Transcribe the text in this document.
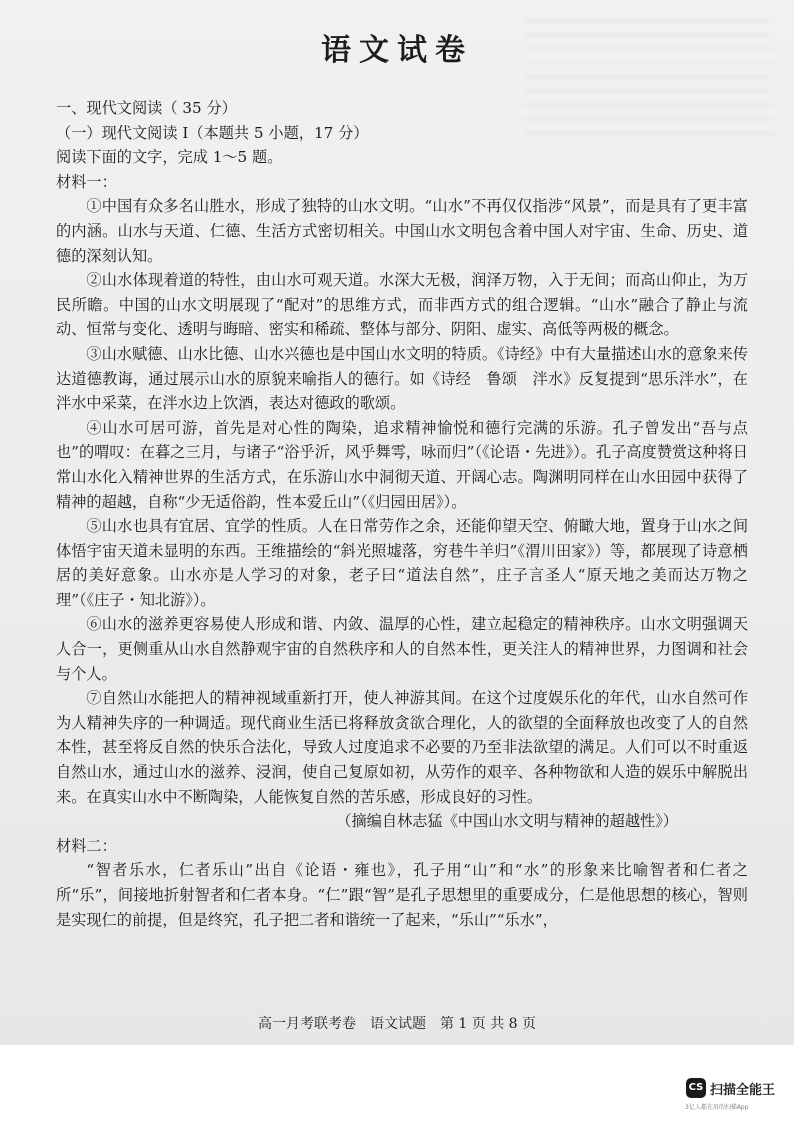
语文试卷

一、现代文阅读（ 35 分）

（一）现代文阅读 I（本题共 5 小题，17 分）

阅读下面的文字，完成 1～5 题。

材料一：

①中国有众多名山胜水，形成了独特的山水文明。“山水”不再仅仅指涉“风景”，而是具有了更丰富的内涵。山水与天道、仁德、生活方式密切相关。中国山水文明包含着中国人对宇宙、生命、历史、道德的深刻认知。

②山水体现着道的特性，由山水可观天道。水深大无极，润泽万物，入于无间；而高山仰止，为万民所瞻。中国的山水文明展现了“配对”的思维方式，而非西方式的组合逻辑。“山水”融合了静止与流动、恒常与变化、透明与晦暗、密实和稀疏、整体与部分、阴阳、虚实、高低等两极的概念。

③山水赋德、山水比德、山水兴德也是中国山水文明的特质。《诗经》中有大量描述山水的意象来传达道德教诲，通过展示山水的原貌来喻指人的德行。如《诗经　鲁颂　泮水》反复提到“思乐泮水”，在泮水中采菜，在泮水边上饮酒，表达对德政的歌颂。

④山水可居可游，首先是对心性的陶染，追求精神愉悦和德行完满的乐游。孔子曾发出“吾与点也”的喟叹：在暮之三月，与诸子“浴乎沂，风乎舞雩，咏而归”（《论语・先进》）。孔子高度赞赏这种将日常山水化入精神世界的生活方式，在乐游山水中洞彻天道、开阔心志。陶渊明同样在山水田园中获得了精神的超越，自称“少无适俗韵，性本爱丘山”（《归园田居》）。

⑤山水也具有宜居、宜学的性质。人在日常劳作之余，还能仰望天空、俯瞰大地，置身于山水之间体悟宇宙天道未显明的东西。王维描绘的“斜光照墟落，穷巷牛羊归”《渭川田家》）等，都展现了诗意栖居的美好意象。山水亦是人学习的对象，老子曰“道法自然”，庄子言圣人“原天地之美而达万物之理”（《庄子・知北游》）。

⑥山水的滋养更容易使人形成和谐、内敛、温厚的心性，建立起稳定的精神秩序。山水文明强调天人合一，更侧重从山水自然静观宇宙的自然秩序和人的自然本性，更关注人的精神世界，力图调和社会与个人。

⑦自然山水能把人的精神视域重新打开，使人神游其间。在这个过度娱乐化的年代，山水自然可作为人精神失序的一种调适。现代商业生活已将释放贪欲合理化，人的欲望的全面释放也改变了人的自然本性，甚至将反自然的快乐合法化，导致人过度追求不必要的乃至非法欲望的满足。人们可以不时重返自然山水，通过山水的滋养、浸润，使自己复原如初，从劳作的艰辛、各种物欲和人造的娱乐中解脱出来。在真实山水中不断陶染，人能恢复自然的苦乐感，形成良好的习性。

（摘编自林志猛《中国山水文明与精神的超越性》）

材料二：

“智者乐水，仁者乐山”出自《论语・雍也》，孔子用“山”和“水”的形象来比喻智者和仁者之所“乐”，间接地折射智者和仁者本身。“仁”跟“智”是孔子思想里的重要成分，仁是他思想的核心，智则是实现仁的前提，但是终究，孔子把二者和谐统一了起来，“乐山”“乐水”，

高一月考联考卷　语文试题　第 1 页 共 8 页
CS 扫描全能王
3亿人都在用的扫描App
